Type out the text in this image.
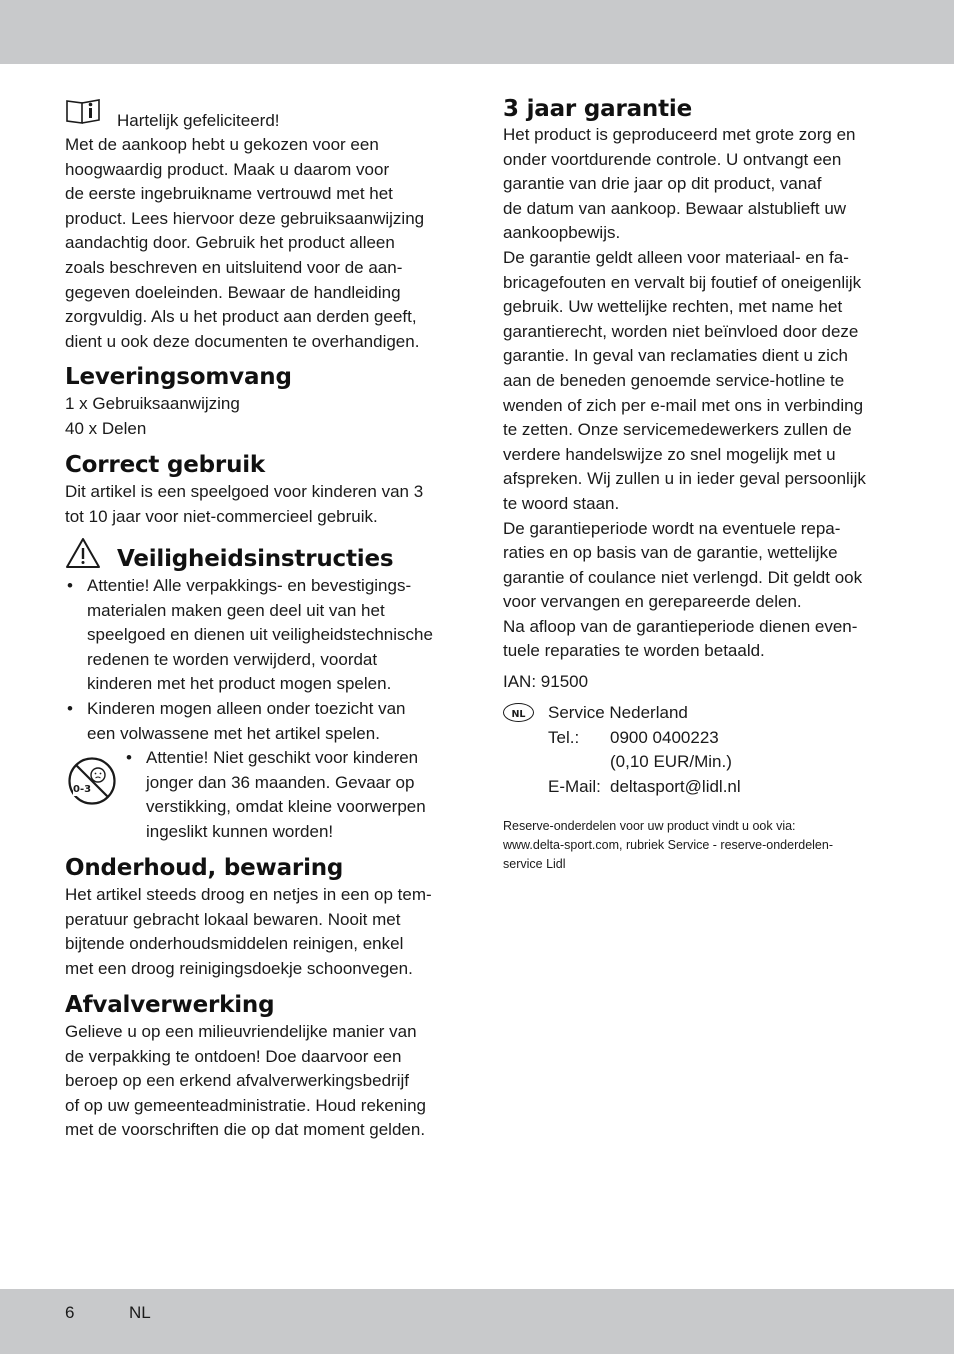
Hartelijk gefeliciteerd!

Met de aankoop hebt u gekozen voor een

hoogwaardig product. Maak u daarom voor

de eerste ingebruikname vertrouwd met het

product. Lees hiervoor deze gebruiksaanwijzing

aandachtig door. Gebruik het product alleen

zoals beschreven en uitsluitend voor de aan-

gegeven doeleinden. Bewaar de handleiding

zorgvuldig. Als u het product aan derden geeft,

dient u ook deze documenten te overhandigen.

Leveringsomvang

1 x Gebruiksaanwijzing

40 x Delen

Correct gebruik

Dit artikel is een speelgoed voor kinderen van 3

tot 10 jaar voor niet-commercieel gebruik.

Veiligheidsinstructies
• Attentie! Alle verpakkings- en bevestigings-
materialen maken geen deel uit van het
speelgoed en dienen uit veiligheidstechnische
redenen te worden verwijderd, voordat
kinderen met het product mogen spelen.
• Kinderen mogen alleen onder toezicht van
een volwassene met het artikel spelen.
0-3
• Attentie! Niet geschikt voor kinderen
jonger dan 36 maanden. Gevaar op
verstikking, omdat kleine voorwerpen
ingeslikt kunnen worden!
Onderhoud, bewaring

Het artikel steeds droog en netjes in een op tem-

peratuur gebracht lokaal bewaren. Nooit met

bijtende onderhoudsmiddelen reinigen, enkel

met een droog reinigingsdoekje schoonvegen.

Afvalverwerking

Gelieve u op een milieuvriendelijke manier van

de verpakking te ontdoen! Doe daarvoor een

beroep op een erkend afvalverwerkingsbedrijf

of op uw gemeenteadministratie. Houd rekening

met de voorschriften die op dat moment gelden.

3 jaar garantie

Het product is geproduceerd met grote zorg en

onder voortdurende controle. U ontvangt een

garantie van drie jaar op dit product, vanaf

de datum van aankoop. Bewaar alstublieft uw

aankoopbewijs.

De garantie geldt alleen voor materiaal- en fa-

bricagefouten en vervalt bij foutief of oneigenlijk

gebruik. Uw wettelijke rechten, met name het

garantierecht, worden niet beïnvloed door deze

garantie. In geval van reclamaties dient u zich

aan de beneden genoemde service-hotline te

wenden of zich per e-mail met ons in verbinding

te zetten. Onze servicemedewerkers zullen de

verdere handelswijze zo snel mogelijk met u

afspreken. Wij zullen u in ieder geval persoonlijk

te woord staan.

De garantieperiode wordt na eventuele repa-

raties en op basis van de garantie, wettelijke

garantie of coulance niet verlengd. Dit geldt ook

voor vervangen en gerepareerde delen.

Na afloop van de garantieperiode dienen even-

tuele reparaties te worden betaald.

IAN: 91500

NL	Service Nederland
Tel.: 0900 0400223
(0,10 EUR/Min.)
E-Mail: deltasport@lidl.nl

Reserve-onderdelen voor uw product vindt u ook via:

www.delta-sport.com, rubriek Service - reserve-onderdelen-

service Lidl

6	NL
